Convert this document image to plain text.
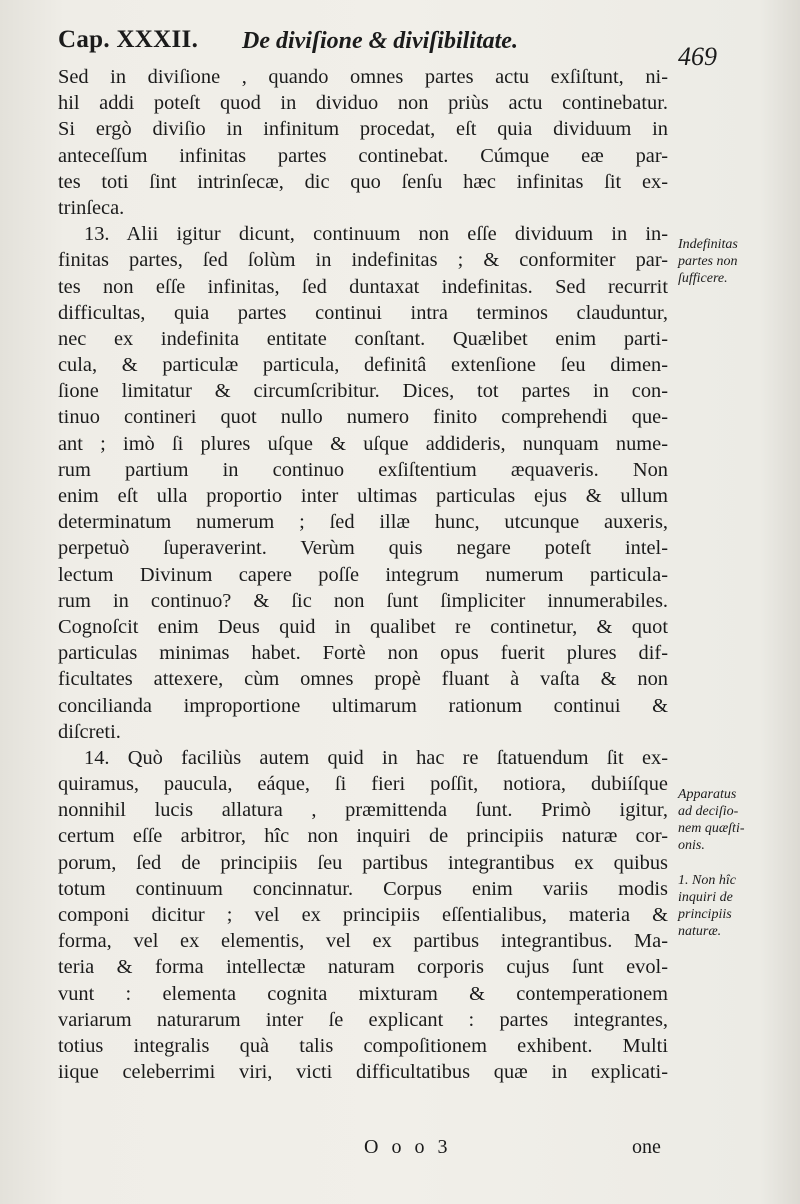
Cap. XXXII. De diviſione & diviſibilitate.
469
Sed in diviſione , quando omnes partes actu exſiſtunt, ni-
hil addi poteſt quod in dividuo non priùs actu continebatur.
Si ergò diviſio in infinitum procedat, eſt quia dividuum in
anteceſſum infinitas partes continebat. Cúmque eæ par-
tes toti ſint intrinſecæ, dic quo ſenſu hæc infinitas ſit ex-
trinſeca.
13. Alii igitur dicunt, continuum non eſſe dividuum in in-
finitas partes, ſed ſolùm in indefinitas ; & conformiter par-
tes non eſſe infinitas, ſed duntaxat indefinitas. Sed recurrit
difficultas, quia partes continui intra terminos clauduntur,
nec ex indefinita entitate conſtant. Quælibet enim parti-
cula, & particulæ particula, definitâ extenſione ſeu dimen-
ſione limitatur & circumſcribitur. Dices, tot partes in con-
tinuo contineri quot nullo numero finito comprehendi que-
ant ; imò ſi plures uſque & uſque addideris, nunquam nume-
rum partium in continuo exſiſtentium æquaveris. Non
enim eſt ulla proportio inter ultimas particulas ejus & ullum
determinatum numerum ; ſed illæ hunc, utcunque auxeris,
perpetuò ſuperaverint. Verùm quis negare poteſt intel-
lectum Divinum capere poſſe integrum numerum particula-
rum in continuo? & ſic non ſunt ſimpliciter innumerabiles.
Cognoſcit enim Deus quid in qualibet re continetur, & quot
particulas minimas habet. Fortè non opus fuerit plures dif-
ficultates attexere, cùm omnes propè fluant à vaſta & non
concilianda improportione ultimarum rationum continui &
diſcreti.
14. Quò faciliùs autem quid in hac re ſtatuendum ſit ex-
quiramus, paucula, eáque, ſi fieri poſſit, notiora, dubiíſque
nonnihil lucis allatura , præmittenda ſunt. Primò igitur,
certum eſſe arbitror, hîc non inquiri de principiis naturæ cor-
porum, ſed de principiis ſeu partibus integrantibus ex quibus
totum continuum concinnatur. Corpus enim variis modis
componi dicitur ; vel ex principiis eſſentialibus, materia &
forma, vel ex elementis, vel ex partibus integrantibus. Ma-
teria & forma intellectæ naturam corporis cujus ſunt evol-
vunt : elementa cognita mixturam & contemperationem
variarum naturarum inter ſe explicant : partes integrantes,
totius integralis quà talis compoſitionem exhibent. Multi
iique celeberrimi viri, victi difficultatibus quæ in explicati-
Indefinitas
partes non
ſufficere.
Apparatus
ad deciſio-
nem quæſti-
onis.
1. Non hîc
inquiri de
principiis
naturæ.
O o o 3	one
